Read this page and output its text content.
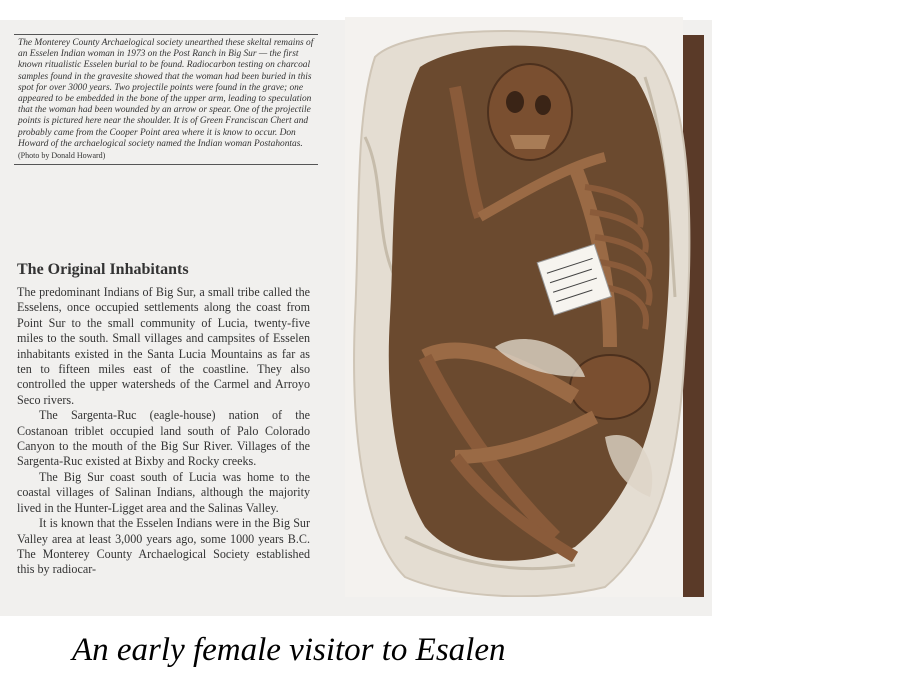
The Monterey County Archaelogical society unearthed these skeltal remains of an Esselen Indian woman in 1973 on the Post Ranch in Big Sur — the first known ritualistic Esselen burial to be found. Radiocarbon testing on charcoal samples found in the gravesite showed that the woman had been buried in this spot for over 3000 years. Two projectile points were found in the grave; one appeared to be embedded in the bone of the upper arm, leading to speculation that the woman had been wounded by an arrow or spear. One of the projectile points is pictured here near the shoulder. It is of Green Franciscan Chert and probably came from the Cooper Point area where it is know to occur. Don Howard of the archaelogical society named the Indian woman Postahontas.

(Photo by Donald Howard)

The Original Inhabitants

The predominant Indians of Big Sur, a small tribe called the Esselens, once occupied settlements along the coast from Point Sur to the small community of Lucia, twenty-five miles to the south. Small villages and campsites of Esselen inhabitants existed in the Santa Lucia Mountains as far as ten to fifteen miles east of the coastline. They also controlled the upper watersheds of the Carmel and Arroyo Seco rivers.

The Sargenta-Ruc (eagle-house) nation of the Costanoan triblet occupied land south of Palo Colorado Canyon to the mouth of the Big Sur River. Villages of the Sargenta-Ruc existed at Bixby and Rocky creeks.

The Big Sur coast south of Lucia was home to the coastal villages of Salinan Indians, although the majority lived in the Hunter-Ligget area and the Salinas Valley.

It is known that the Esselen Indians were in the Big Sur Valley area at least 3,000 years ago, some 1000 years B.C. The Monterey County Archaelogical Society established this by radiocar-

An early female visitor to Esalen
